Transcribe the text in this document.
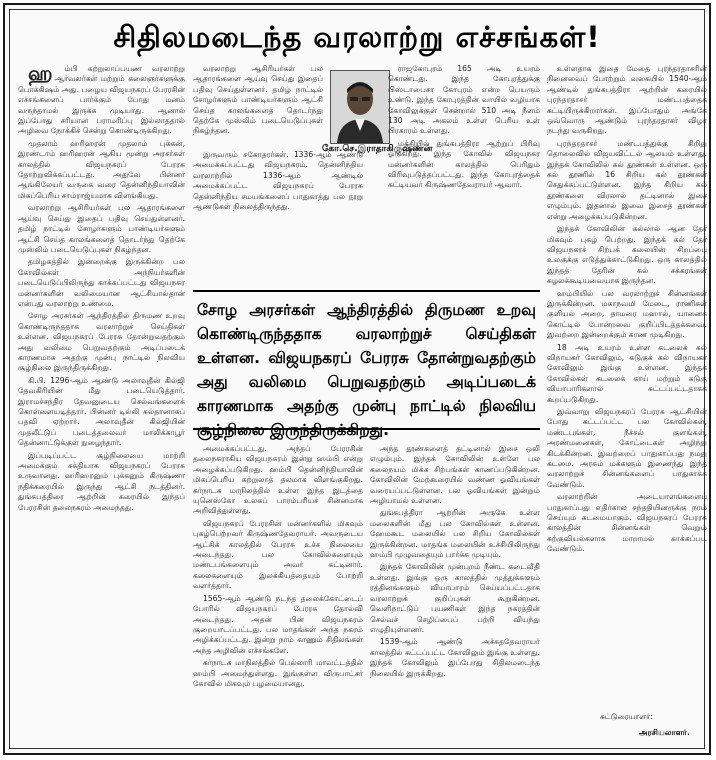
சிதிலமடைந்த வரலாற்று எச்சங்கள்!

ஹ ம்பி சுற்றுலாப்பயண வரலாற்று ஆர்வலர்கள் மற்றும் கலைஞர்களுக்கு பொக்கிஷம் அது. பழைய விஜயநகரப் பேரரசின் எச்சங்களைப் பார்க்கும் போது மனம் வருந்தாமல் இருக்க முடியாது. ஆனால் இப்போது சரியான பராமரிப்பு இல்லாததால் அழிவை நோக்கிச் சென்று கொண்டிருக்கிறது.

முதலாம் ஹரிஹரன் முதலாம் புக்கன், இரண்டாம் ஹரிஹரன் ஆகிய மூன்று அரசர்கள் காலத்தில் விஜயநகரப் பேரரசு தோற்றுவிக்கப்பட்டது. அதுவே பின்னர் ஆங்கிலேயர் வருகை வரை தென்னிந்தியாவின் மிகப்பெரிய சாம்ராஜ்யமாக விளங்கியது.

வரலாற்று ஆசிரியர்கள் பல ஆதாரங்களை ஆய்வு செய்து இதைப் பதிவு செய்துள்ளனர். தமிழ் நாட்டில் சோழர்களும் பாண்டியர்களும் ஆட்சி செய்த காலங்களைத் தொடர்ந்து தெற்கே முஸ்லிம் படையெடுப்புகள் நிகழ்ந்தன.

தமிழகத்தில் இன்றைக்கு இருக்கின்ற பல கோவில்கள் அந்நியர்களின் படையெடுப்பிலிருந்து காக்கப்பட்டது விஜயநகர மன்னர்களின் வலிமையான ஆட்சியால்தான் என்பது வரலாற்று உண்மை.

சோழ அரசர்கள் ஆந்திரத்தில் திருமண உறவு கொண்டிருந்ததாக வரலாற்றுச் செய்திகள் உள்ளன. விஜயநகரப் பேரரசு தோன்றுவதற்கும் அது வலிமை பெறுவதற்கும் அடிப்படைக் காரணமாக அதற்கு முன்பு நாட்டில் நிலவிய சூழ்நிலை இருந்திருக்கிறது.

கி.பி. 1296-ஆம் ஆண்டு அலாவுதீன் கில்ஜி தேவகிரியின் மீது படையெடுத்தார். இராமச்சந்திர தேவனுடைய செல்வங்களைக் கொள்ளையடித்தார். பின்னர் டில்லி சுல்தானாகப் பதவி ஏற்றார். அலாவுதீன் கில்ஜியின் முதலீட்டுப் படைத்தலைவர் மாலிக்காபூர் தென்னாட்டுக்குள் நுழைந்தார்.

இப்படிப்பட்ட சூழ்நிலையை மாற்றி அமைக்கும் சக்தியாக விஜயநகரப் பேரரசு உருவானது. ஹரிஹரனும் புக்கனும் கிருஷ்ணா நதிக்கரையில் இருந்து ஆட்சி நடத்தினர். துங்கபத்திரை ஆற்றின் கரையில் இந்தப் பேரரசின் தலைநகரம் அமைந்தது.

கோ.செ.இராதாகிருஷ்ணன்

இருவரும் சகோதரர்கள். 1336-ஆம் ஆண்டு அமைக்கப்பட்டது விஜயநகரம். தென்னிந்திய வரலாற்றில் 1336-ஆம் ஆண்டில் அமைக்கப்பட்ட விஜயநகரப் பேரரசு தென்னிந்திய சமயங்களைப் பாதுகாத்து பல நூறு ஆண்டுகள் நிலைத்திருந்தது.

வரலாற்று ஆசிரியர்கள் பல ஆதாரங்களை ஆய்வு செய்து இதைப் பதிவு செய்துள்ளனர். தமிழ் நாட்டில் சோழர்களும் பாண்டியர்களும் ஆட்சி செய்த காலங்களைத் தொடர்ந்து தெற்கே முஸ்லிம் படையெடுப்புகள் நிகழ்ந்தன.

ராஜகோபுரம் 165 அடி உயரம் கொண்டது. இந்த கோபுரத்துக்கு பிஸ்டாபைசா கோபுரம் என்ற பெயரும் உண்டு. இந்த கோபுரத்தின் வாயில் வழியாக கோவிலுக்குள் சென்றால் 510 அடி நீளம் 130 அடி அகலம் உள்ள பெரிய உள் பிரகாரம் உள்ளது.

மத்தியில் துங்கபத்திரா ஆற்றுப் பிரிவு ஓடுகிறது. இந்த கோவில் விஜயநகர மன்னர்களின் காலத்தில் பெரிதும் விரிவுபடுத்தப்பட்டது. இந்த கோபுரத்தைக் கட்டியவர் கிருஷ்ணதேவராயர் ஆவார்.

சோழ அரசர்கள் ஆந்திரத்தில் திருமண உறவு கொண்டிருந்ததாக வரலாற்றுச் செய்திகள் உள்ளன. விஜயநகரப் பேரரசு தோன்றுவதற்கும் அது வலிமை பெறுவதற்கும் அடிப்படைக் காரணமாக அதற்கு முன்பு நாட்டில் நிலவிய சூழ்நிலை இருந்திருக்கிறது.

உள்ளதாக இதை மேதை புரந்தரதாசரின் நினைவைப் போற்றும் வகையில் 1540-ஆம் ஆண்டில் துங்கபத்திரா ஆற்றின் கரையில் புரந்தரதாசர் மண்டபத்தைக் கட்டியிருக்கிறார்கள். இப்போதும் அங்கே ஒவ்வொரு ஆண்டும் புரந்தரதாசர் விழா நடந்து வருகிறது.

புரந்தரதாசர் மண்டபத்துக்கு சிறிது தொலைவில் விஜயவிட்டல் ஆலயம் உள்ளது. இந்தக் கோவிலில் கல் தூண்கள் உள்ளன. ஒரு கல் தூணில் 16 சிறிய கல் தூண்கள் செதுக்கப்பட்டுள்ளன. இந்த சிறிய கல் தூண்களை விரலால் தட்டினால் இசை எழும்பும். இதனால் இவை இசைத் தூண்கள் என்று அழைக்கப்படுகின்றன.

இந்தக் கோவிலின் கல்லால் ஆன தேர் மிகவும் புகழ் பெற்றது. இந்தக் கல் தேர் விஜயநகரச் சிற்பக் கலையின் சிறப்பை உலகுக்கு எடுத்துக்காட்டுகிறது. ஒரு காலத்தில் இந்தத் தேரின் கல் சக்கரங்கள் சுழலக்கூடியவையாக இருந்தன.

ஹம்பியில் பல வரலாற்றுச் சின்னங்கள் இருக்கின்றன. மகாநவமி மேடை, ராணிகள் குளியல் அறை, தாமரை மஹால், யானைக் கொட்டில் போன்றவை குறிப்பிடத்தக்கவை. இவற்றை இன்றைக்கும் காண முடிகிறது.

18 அடி உயரம் உள்ள கடலைக் கல் விநாயகர் கோவிலும், கடுகுக் கல் விநாயகர் கோவிலும் இங்கு உள்ளன. இந்தக் கோவில்கள் கடலைக் காய் மற்றும் கடுகு வியாபாரிகளால் கட்டப்பட்டதாகக் கூறப்படுகிறது.

இவ்வாறு விஜயநகரப் பேரரசு ஆட்சியின் போது கட்டப்பட்ட பல கோவில்கள், மண்டபங்கள், நீச்சல் குளங்கள், அரண்மனைகள், கோட்டைகள் அழிந்து கிடக்கின்றன. இவற்றைப் பாதுகாப்பது நமது கடமை. அரசும் மக்களும் இணைந்து இந்த வரலாற்றுச் சின்னங்களைப் பாதுகாக்க வேண்டும்.

வரலாற்றின் அடையாளங்களைப் பாதுகாப்பது எதிர்கால சந்ததியினருக்கு நாம் செய்யும் கடமையாகும். விஜயநகரப் பேரரசு காலத்தின் சின்னங்கள் வெறும் கற்குவியல்களாக மாறாமல் காக்கப்பட வேண்டும்.

அமைக்கப்பட்டது. அந்தப் பேரரசின் தலைநகராகிய விஜயநகரம் இன்று ஹம்பி என்று அழைக்கப்படுகிறது. ஹம்பி தென்னிந்தியாவின் மிகப்பெரிய சுற்றுலாத் தலமாக விளங்குகிறது. கர்நாடக மாநிலத்தில் உள்ள இந்த இடத்தை யுனெஸ்கோ உலகப் பாரம்பரியச் சின்னமாக அறிவித்துள்ளது.

விஜயநகரப் பேரரசின் மன்னர்களில் மிகவும் புகழ்பெற்றவர் கிருஷ்ணதேவராயர். அவருடைய ஆட்சிக் காலத்தில் பேரரசு உச்ச நிலையை அடைந்தது. பல கோவில்களையும் மண்டபங்களையும் அவர் கட்டினார். கலைகளையும் இலக்கியத்தையும் போற்றி வளர்த்தார்.

1565-ஆம் ஆண்டு நடந்த தலைக்கோட்டைப் போரில் விஜயநகரப் பேரரசு தோல்வி அடைந்தது. அதன் பின் விஜயநகரம் சூறையாடப்பட்டது. பல மாதங்கள் அந்த நகரம் அழிக்கப்பட்டது. இன்று நாம் காணும் சிதிலங்கள் அந்த அழிவின் எச்சங்களே.

கர்நாடக மாநிலத்தில் பெல்லாரி மாவட்டத்தில் ஹம்பி அமைந்துள்ளது. இங்குள்ள விருபாட்சர் கோவில் மிகவும் பழமையானது.

அந்த தூண்களைத் தட்டினால் இசை ஒலி எழும்பும். இந்தக் கோவிலின் உள்ளே பல கலைநயம் மிக்க சிற்பங்கள் காணப்படுகின்றன. கோவிலின் மேற்கூரையில் வண்ண ஓவியங்கள் வரையப்பட்டுள்ளன. பல ஓவியங்கள் இன்றும் அழியாமல் உள்ளன.

துங்கபத்திரா ஆற்றின் அருகே உள்ள மலைகளின் மீது பல கோவில்கள் உள்ளன. ஹேமகூட மலையில் பல சிறிய கோவில்கள் இருக்கின்றன. மாதங்க மலையின் உச்சியிலிருந்து ஹம்பி முழுவதையும் பார்க்க முடியும்.

இந்தக் கோவிலின் முன்புறம் நீண்ட கடைவீதி உள்ளது. இங்கு ஒரு காலத்தில் முத்துக்களும் ரத்தினங்களும் வியாபாரம் செய்யப்பட்டதாக வரலாற்றுக் குறிப்புகள் கூறுகின்றன. வெளிநாட்டுப் பயணிகள் இந்த நகரத்தின் செல்வச் செழிப்பைப் பற்றி வியந்து எழுதியுள்ளனர்.

1539-ஆம் ஆண்டு அச்சுததேவராயர் காலத்தில் கட்டப்பட்ட கோவிலும் இங்கு உள்ளது. இந்தக் கோவிலும் இப்போது சிதிலமடைந்த நிலையில் இருக்கிறது.

கட்டுரையாளர்:
அரசியலாளர்.
